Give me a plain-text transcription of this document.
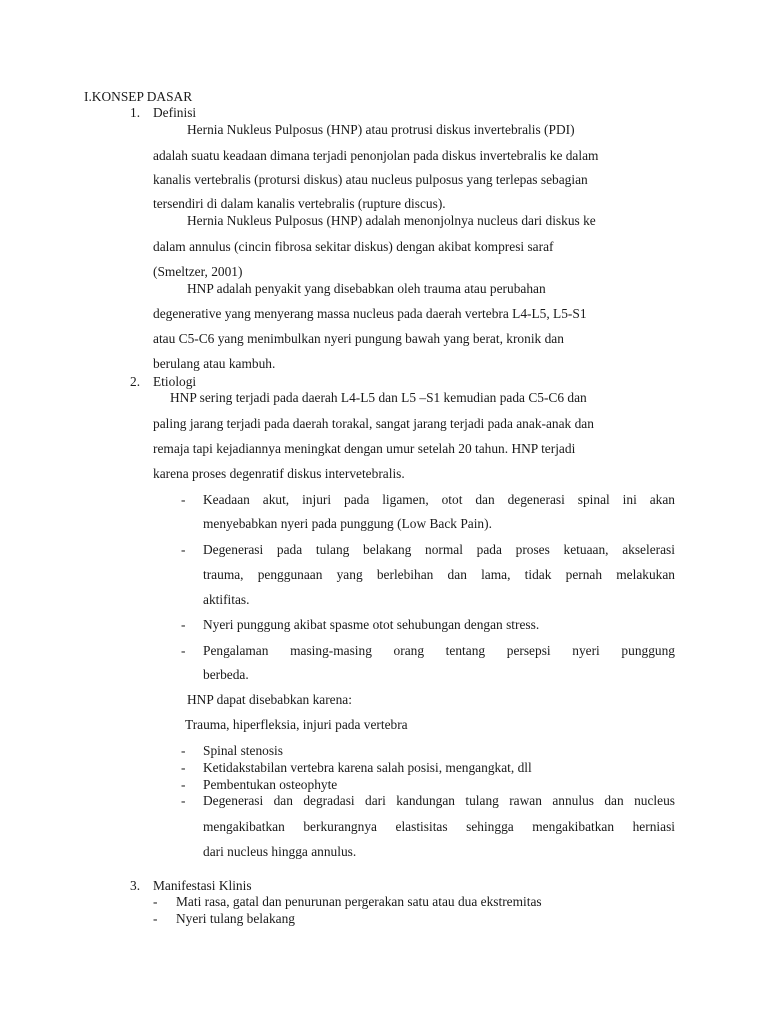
I.KONSEP DASAR
1. Definisi
Hernia Nukleus Pulposus (HNP) atau protrusi diskus invertebralis (PDI)
adalah suatu keadaan dimana terjadi penonjolan pada diskus invertebralis ke dalam
kanalis vertebralis (protursi diskus) atau nucleus pulposus yang terlepas sebagian
tersendiri di dalam kanalis vertebralis (rupture discus).
Hernia Nukleus Pulposus (HNP) adalah menonjolnya nucleus dari diskus ke
dalam annulus (cincin fibrosa sekitar diskus) dengan akibat kompresi saraf
(Smeltzer, 2001)
HNP adalah penyakit yang disebabkan oleh trauma atau perubahan
degenerative yang menyerang massa nucleus pada daerah vertebra L4-L5, L5-S1
atau C5-C6 yang menimbulkan nyeri pungung bawah yang berat, kronik dan
berulang atau kambuh.
2. Etiologi
HNP sering terjadi pada daerah L4-L5 dan L5 –S1 kemudian pada C5-C6 dan
paling jarang terjadi pada daerah torakal, sangat jarang terjadi pada anak-anak dan
remaja tapi kejadiannya meningkat dengan umur setelah 20 tahun. HNP terjadi
karena proses degenratif diskus intervetebralis.
- Keadaan akut, injuri pada ligamen, otot dan degenerasi spinal ini akan
menyebabkan nyeri pada punggung (Low Back Pain).
- Degenerasi pada tulang belakang normal pada proses ketuaan, akselerasi
trauma, penggunaan yang berlebihan dan lama, tidak pernah melakukan
aktifitas.
- Nyeri punggung akibat spasme otot sehubungan dengan stress.
- Pengalaman masing-masing orang tentang persepsi nyeri punggung
berbeda.
HNP dapat disebabkan karena:
Trauma, hiperfleksia, injuri pada vertebra
- Spinal stenosis
- Ketidakstabilan vertebra karena salah posisi, mengangkat, dll
- Pembentukan osteophyte
- Degenerasi dan degradasi dari kandungan tulang rawan annulus dan nucleus
mengakibatkan berkurangnya elastisitas sehingga mengakibatkan herniasi
dari nucleus hingga annulus.
3. Manifestasi Klinis
- Mati rasa, gatal dan penurunan pergerakan satu atau dua ekstremitas
- Nyeri tulang belakang
